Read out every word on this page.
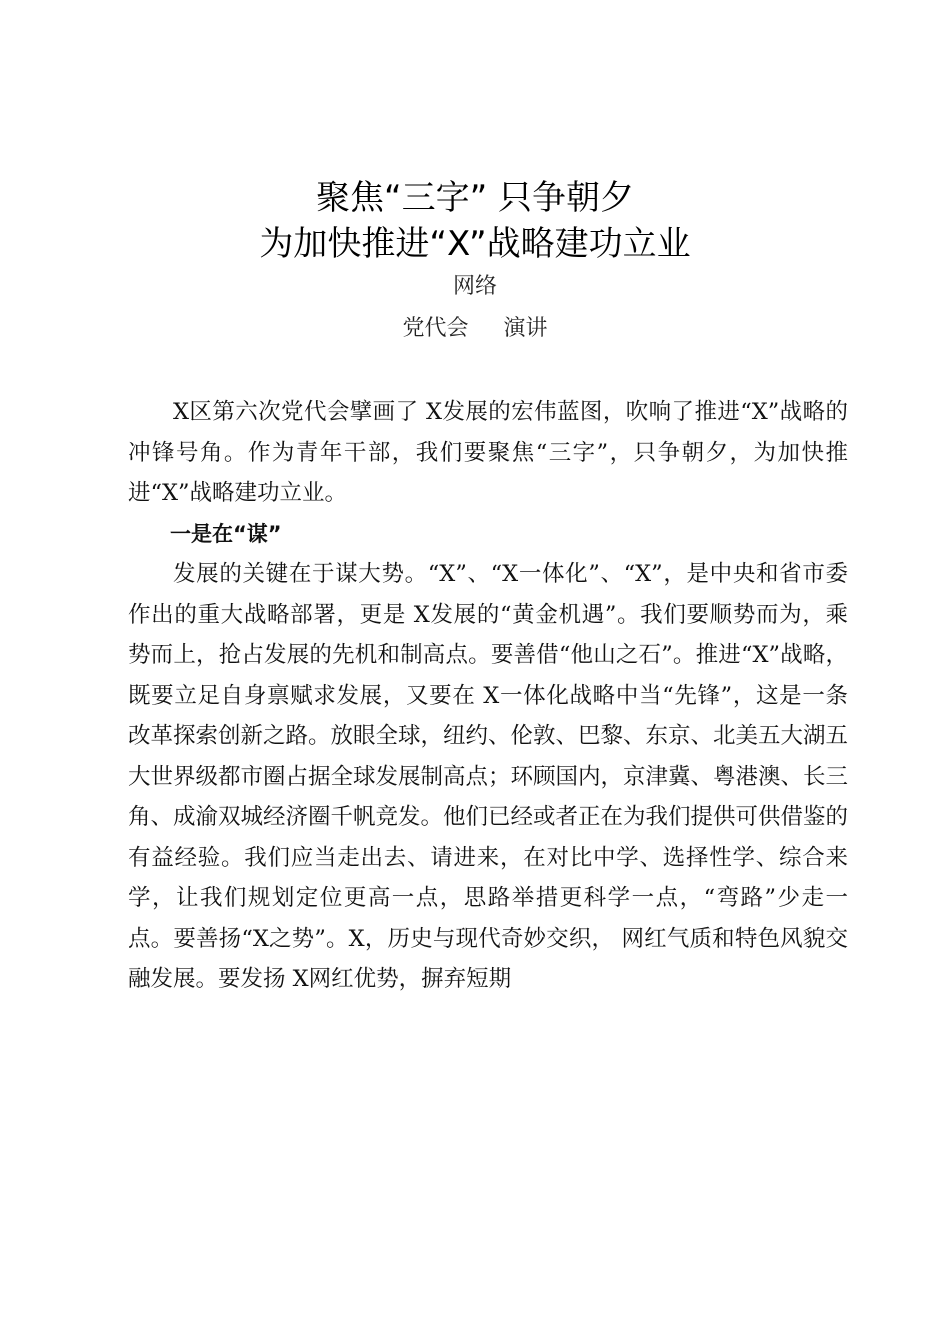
聚焦“三字” 只争朝夕
为加快推进“X”战略建功立业
网络
党代会 演讲

X区第六次党代会擘画了 X发展的宏伟蓝图，吹响了推进“X”战略的冲锋号角。作为青年干部，我们要聚焦“三字”，只争朝夕，为加快推进“X”战略建功立业。

一是在“谋”

发展的关键在于谋大势。“X”、“X一体化”、“X”，是中央和省市委作出的重大战略部署，更是 X发展的“黄金机遇”。我们要顺势而为，乘势而上，抢占发展的先机和制高点。要善借“他山之石”。推进“X”战略，既要立足自身禀赋求发展，又要在 X一体化战略中当“先锋”，这是一条改革探索创新之路。放眼全球，纽约、伦敦、巴黎、东京、北美五大湖五大世界级都市圈占据全球发展制高点；环顾国内，京津冀、粤港澳、长三角、成渝双城经济圈千帆竞发。他们已经或者正在为我们提供可供借鉴的有益经验。我们应当走出去、请进来，在对比中学、选择性学、综合来学，让我们规划定位更高一点，思路举措更科学一点，“弯路”少走一点。要善扬“X之势”。X，历史与现代奇妙交织， 网红气质和特色风貌交融发展。要发扬 X网红优势，摒弃短期
